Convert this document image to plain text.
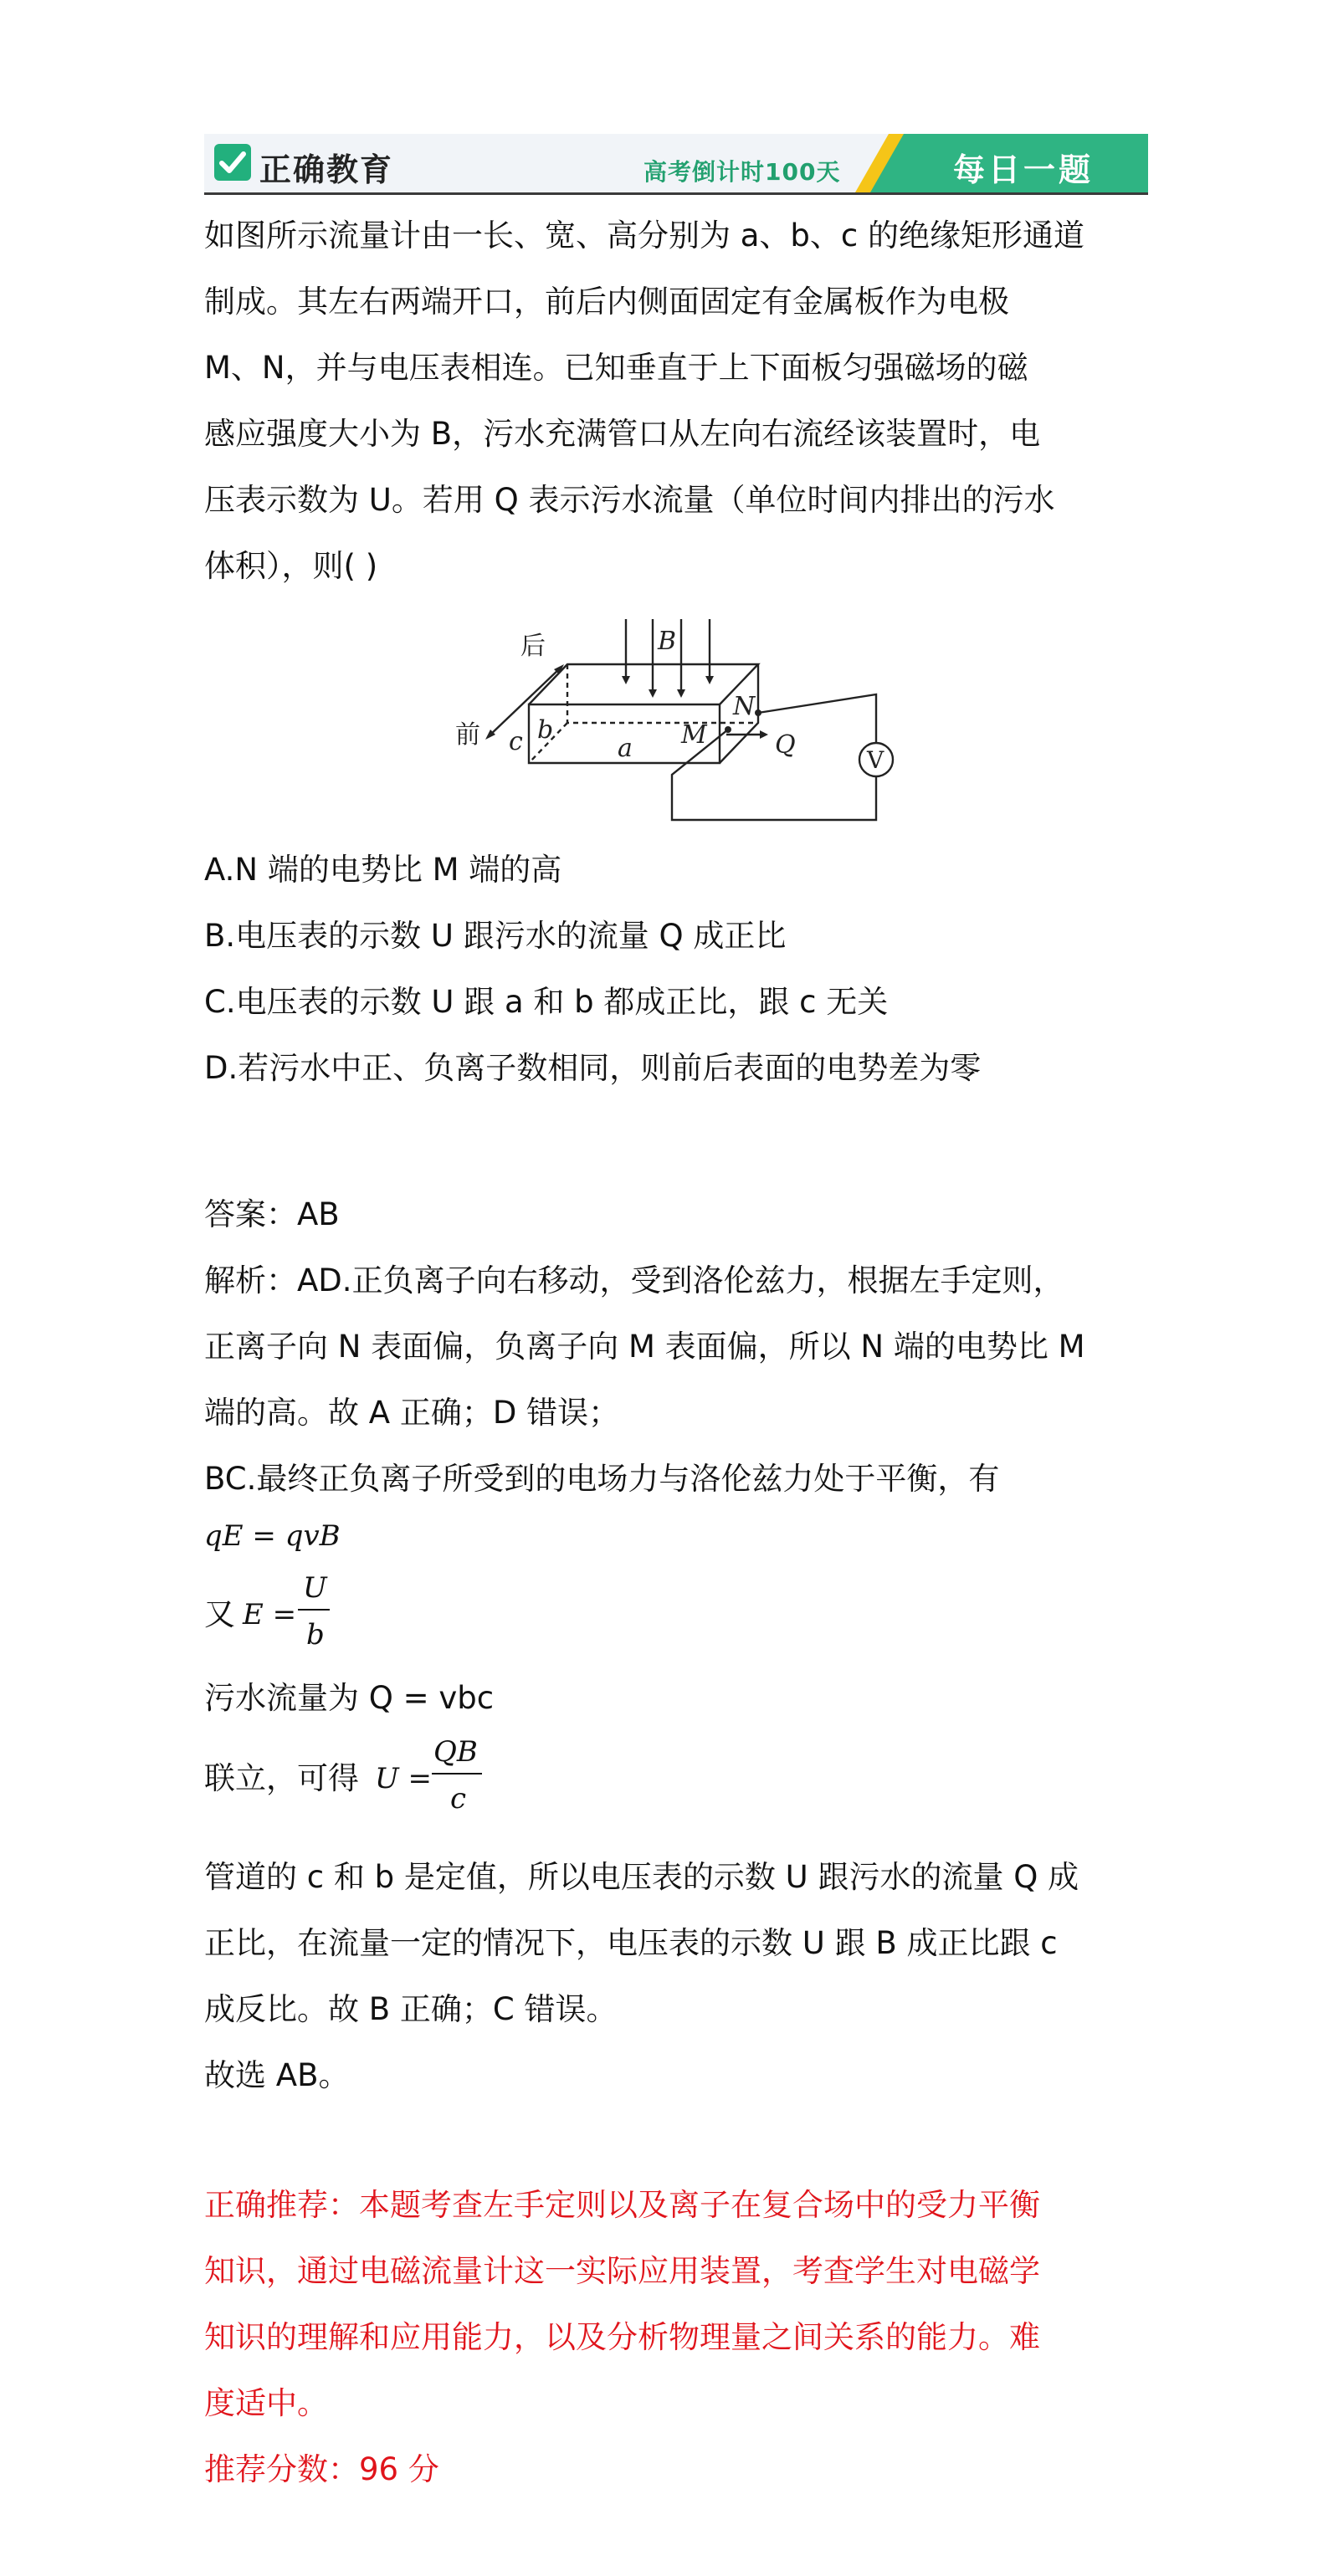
正确教育	高考倒计时100天	每日一题
如图所示流量计由一长、宽、高分别为 a、b、c 的绝缘矩形通道
制成。其左右两端开口，前后内侧面固定有金属板作为电极
M、N，并与电压表相连。已知垂直于上下面板匀强磁场的磁
感应强度大小为 B，污水充满管口从左向右流经该装置时，电
压表示数为 U。若用 Q 表示污水流量（单位时间内排出的污水
体积），则( )
后
前
B
N
M	Q
V
a
b
c
A.N 端的电势比 M 端的高
B.电压表的示数 U 跟污水的流量 Q 成正比
C.电压表的示数 U 跟 a 和 b 都成正比，跟 c 无关
D.若污水中正、负离子数相同，则前后表面的电势差为零
答案：AB
解析：AD.正负离子向右移动，受到洛伦兹力，根据左手定则，
正离子向 N 表面偏，负离子向 M 表面偏，所以 N 端的电势比 M
端的高。故 A 正确；D 错误；
BC.最终正负离子所受到的电场力与洛伦兹力处于平衡，有
qE = qvB
又 E =
U
b
污水流量为 Q = vbc
联立，可得 U =
QB
c
管道的 c 和 b 是定值，所以电压表的示数 U 跟污水的流量 Q 成
正比，在流量一定的情况下，电压表的示数 U 跟 B 成正比跟 c
成反比。故 B 正确；C 错误。
故选 AB。
正确推荐：本题考查左手定则以及离子在复合场中的受力平衡
知识，通过电磁流量计这一实际应用装置，考查学生对电磁学
知识的理解和应用能力，以及分析物理量之间关系的能力。难
度适中。
推荐分数：96 分
